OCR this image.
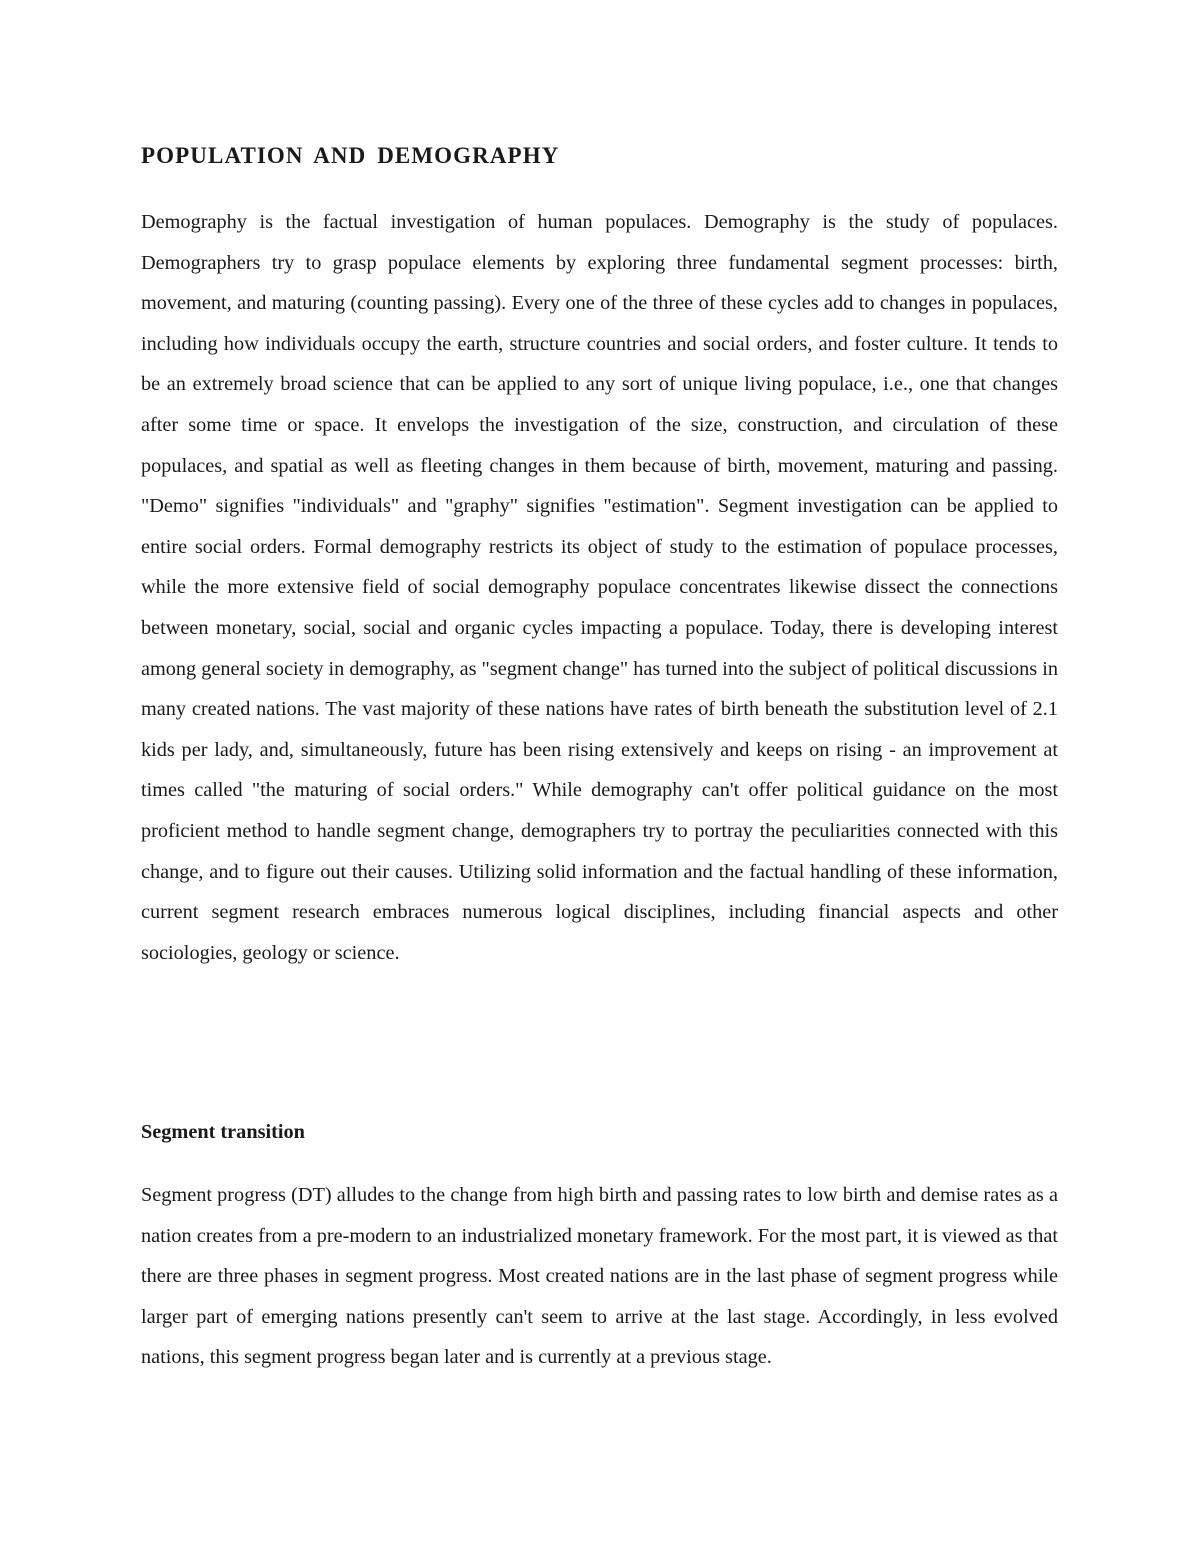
POPULATION AND DEMOGRAPHY

Demography is the factual investigation of human populaces. Demography is the study of populaces. Demographers try to grasp populace elements by exploring three fundamental segment processes: birth, movement, and maturing (counting passing). Every one of the three of these cycles add to changes in populaces, including how individuals occupy the earth, structure countries and social orders, and foster culture. It tends to be an extremely broad science that can be applied to any sort of unique living populace, i.e., one that changes after some time or space. It envelops the investigation of the size, construction, and circulation of these populaces, and spatial as well as fleeting changes in them because of birth, movement, maturing and passing. "Demo" signifies "individuals" and "graphy" signifies "estimation". Segment investigation can be applied to entire social orders. Formal demography restricts its object of study to the estimation of populace processes, while the more extensive field of social demography populace concentrates likewise dissect the connections between monetary, social, social and organic cycles impacting a populace. Today, there is developing interest among general society in demography, as "segment change" has turned into the subject of political discussions in many created nations. The vast majority of these nations have rates of birth beneath the substitution level of 2.1 kids per lady, and, simultaneously, future has been rising extensively and keeps on rising - an improvement at times called "the maturing of social orders." While demography can't offer political guidance on the most proficient method to handle segment change, demographers try to portray the peculiarities connected with this change, and to figure out their causes. Utilizing solid information and the factual handling of these information, current segment research embraces numerous logical disciplines, including financial aspects and other sociologies, geology or science.

Segment transition

Segment progress (DT) alludes to the change from high birth and passing rates to low birth and demise rates as a nation creates from a pre-modern to an industrialized monetary framework. For the most part, it is viewed as that there are three phases in segment progress. Most created nations are in the last phase of segment progress while larger part of emerging nations presently can't seem to arrive at the last stage. Accordingly, in less evolved nations, this segment progress began later and is currently at a previous stage.
